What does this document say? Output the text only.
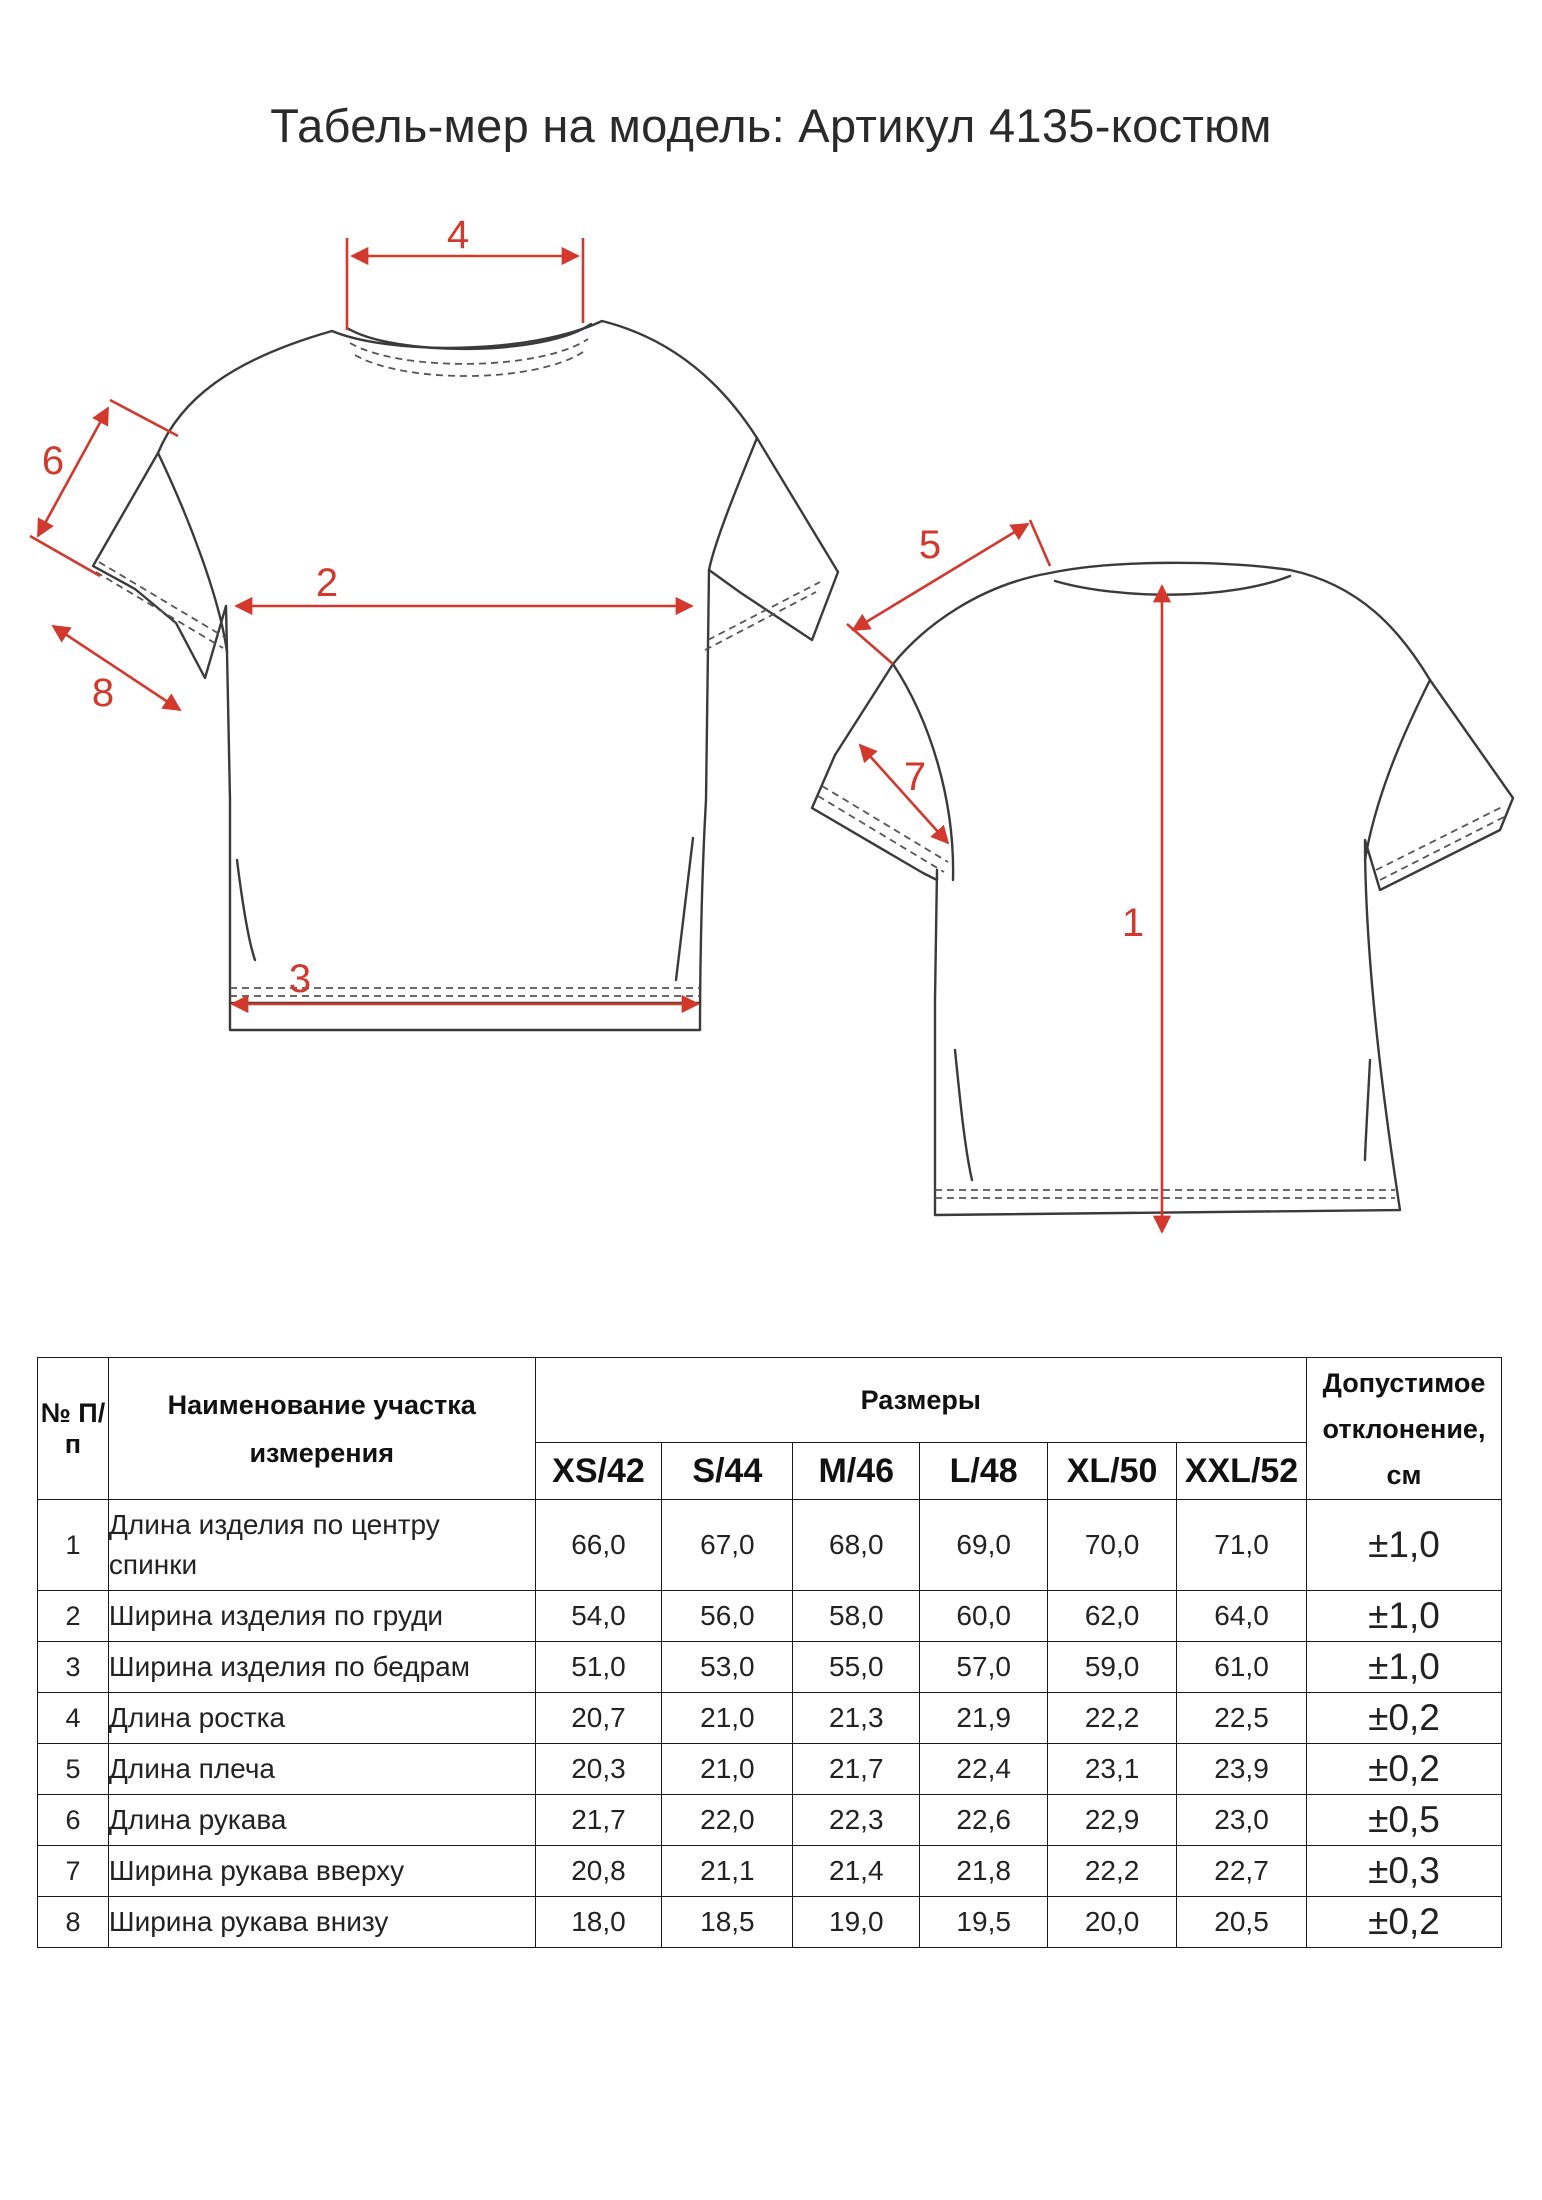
Табель-мер на модель: Артикул 4135-костюм
4
2
3
6
8
5
7
1
№ П/п	Наименование участка измерения	Размеры						Допустимое отклонение, см
		XS/42	S/44	M/46	L/48	XL/50	XXL/52	
1	Длина изделия по центру спинки	66,0	67,0	68,0	69,0	70,0	71,0	±1,0
2	Ширина изделия по груди	54,0	56,0	58,0	60,0	62,0	64,0	±1,0
3	Ширина изделия по бедрам	51,0	53,0	55,0	57,0	59,0	61,0	±1,0
4	Длина ростка	20,7	21,0	21,3	21,9	22,2	22,5	±0,2
5	Длина плеча	20,3	21,0	21,7	22,4	23,1	23,9	±0,2
6	Длина рукава	21,7	22,0	22,3	22,6	22,9	23,0	±0,5
7	Ширина рукава вверху	20,8	21,1	21,4	21,8	22,2	22,7	±0,3
8	Ширина рукава внизу	18,0	18,5	19,0	19,5	20,0	20,5	±0,2
